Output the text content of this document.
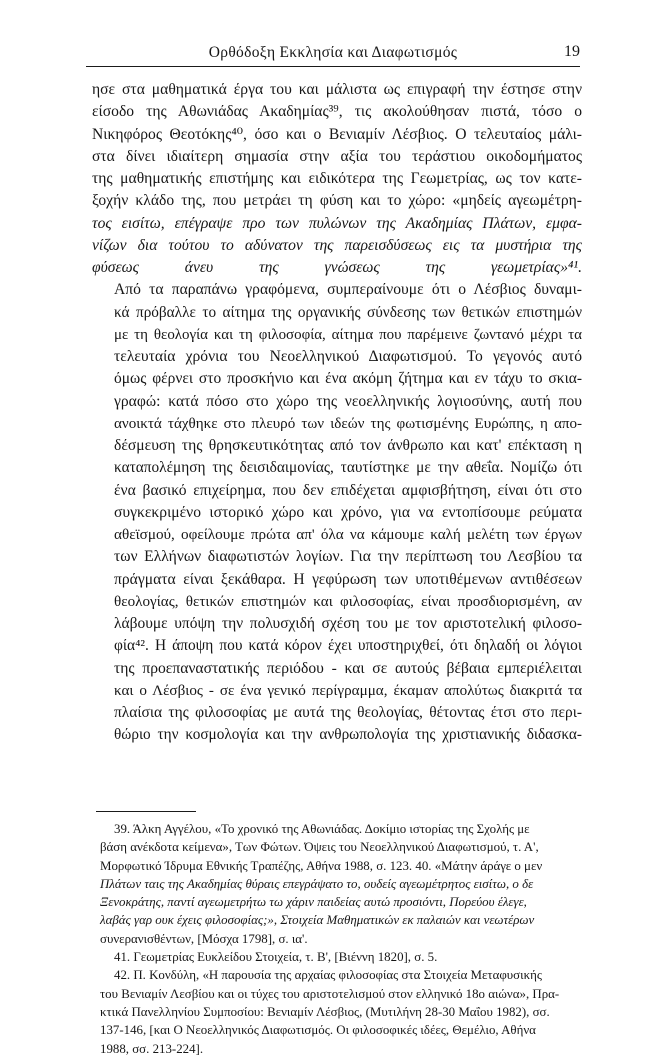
Ορθόδοξη Εκκλησία και Διαφωτισμός	19

ησε στα μαθηματικά έργα του και μάλιστα ως επιγραφή την έστησε στην
είσοδο της Αθωνιάδας Ακαδημίας³⁹, τις ακολούθησαν πιστά, τόσο ο
Νικηφόρος Θεοτόκης⁴⁰, όσο και ο Βενιαμίν Λέσβιος. Ο τελευταίος μάλι-
στα δίνει ιδιαίτερη σημασία στην αξία του τεράστιου οικοδομήματος
της μαθηματικής επιστήμης και ειδικότερα της Γεωμετρίας, ως τον κατε-
ξοχήν κλάδο της, που μετράει τη φύση και το χώρο: «μηδείς αγεωμέτρη-
τος εισίτω, επέγραψε προ των πυλώνων της Ακαδημίας Πλάτων, εμφα-
νίζων δια τούτου το αδύνατον της παρεισδύσεως εις τα μυστήρια της
φύσεως άνευ της γνώσεως της γεωμετρίας»⁴¹.

Από τα παραπάνω γραφόμενα, συμπεραίνουμε ότι ο Λέσβιος δυναμι-
κά πρόβαλλε το αίτημα της οργανικής σύνδεσης των θετικών επιστημών
με τη θεολογία και τη φιλοσοφία, αίτημα που παρέμεινε ζωντανό μέχρι τα
τελευταία χρόνια του Νεοελληνικού Διαφωτισμού. Το γεγονός αυτό
όμως φέρνει στο προσκήνιο και ένα ακόμη ζήτημα και εν τάχυ το σκια-
γραφώ: κατά πόσο στο χώρο της νεοελληνικής λογιοσύνης, αυτή που
ανοικτά τάχθηκε στο πλευρό των ιδεών της φωτισμένης Ευρώπης, η απο-
δέσμευση της θρησκευτικότητας από τον άνθρωπο και κατ' επέκταση η
καταπολέμηση της δεισιδαιμονίας, ταυτίστηκε με την αθεΐα. Νομίζω ότι
ένα βασικό επιχείρημα, που δεν επιδέχεται αμφισβήτηση, είναι ότι στο
συγκεκριμένο ιστορικό χώρο και χρόνο, για να εντοπίσουμε ρεύματα
αθεϊσμού, οφείλουμε πρώτα απ' όλα να κάμουμε καλή μελέτη των έργων
των Ελλήνων διαφωτιστών λογίων. Για την περίπτωση του Λεσβίου τα
πράγματα είναι ξεκάθαρα. Η γεφύρωση των υποτιθέμενων αντιθέσεων
θεολογίας, θετικών επιστημών και φιλοσοφίας, είναι προσδιορισμένη, αν
λάβουμε υπόψη την πολυσχιδή σχέση του με τον αριστοτελική φιλοσο-
φία⁴². Η άποψη που κατά κόρον έχει υποστηριχθεί, ότι δηλαδή οι λόγιοι
της προεπαναστατικής περιόδου - και σε αυτούς βέβαια εμπεριέλειται
και ο Λέσβιος - σε ένα γενικό περίγραμμα, έκαμαν απολύτως διακριτά τα
πλαίσια της φιλοσοφίας με αυτά της θεολογίας, θέτοντας έτσι στο περι-
θώριο την κοσμολογία και την ανθρωπολογία της χριστιανικής διδασκα-

39. Άλκη Αγγέλου, «Το χρονικό της Αθωνιάδας. Δοκίμιο ιστορίας της Σχολής με
βάση ανέκδοτα κείμενα», Των Φώτων. Όψεις του Νεοελληνικού Διαφωτισμού, τ. Α',
Μορφωτικό Ίδρυμα Εθνικής Τραπέζης, Αθήνα 1988, σ. 123. 40. «Μάτην άράγε ο μεν
Πλάτων ταις της Ακαδημίας θύραις επεγράψατο το, ουδείς αγεωμέτρητος εισίτω, ο δε
Ξενοκράτης, παντί αγεωμετρήτω τω χάριν παιδείας αυτώ προσιόντι, Πορεύου έλεγε,
λαβάς γαρ ουκ έχεις φιλοσοφίας;», Στοιχεία Μαθηματικών εκ παλαιών και νεωτέρων
συνερανισθέντων, [Μόσχα 1798], σ. ια'.
41. Γεωμετρίας Ευκλείδου Στοιχεία, τ. Β', [Βιέννη 1820], σ. 5.
42. Π. Κονδύλη, «Η παρουσία της αρχαίας φιλοσοφίας στα Στοιχεία Μεταφυσικής
του Βενιαμίν Λεσβίου και οι τύχες του αριστοτελισμού στον ελληνικό 18ο αιώνα», Πρα-
κτικά Πανελληνίου Συμποσίου: Βενιαμίν Λέσβιος, (Μυτιλήνη 28-30 Μαΐου 1982), σσ.
137-146, [και Ο Νεοελληνικός Διαφωτισμός. Οι φιλοσοφικές ιδέες, Θεμέλιο, Αθήνα
1988, σσ. 213-224].
